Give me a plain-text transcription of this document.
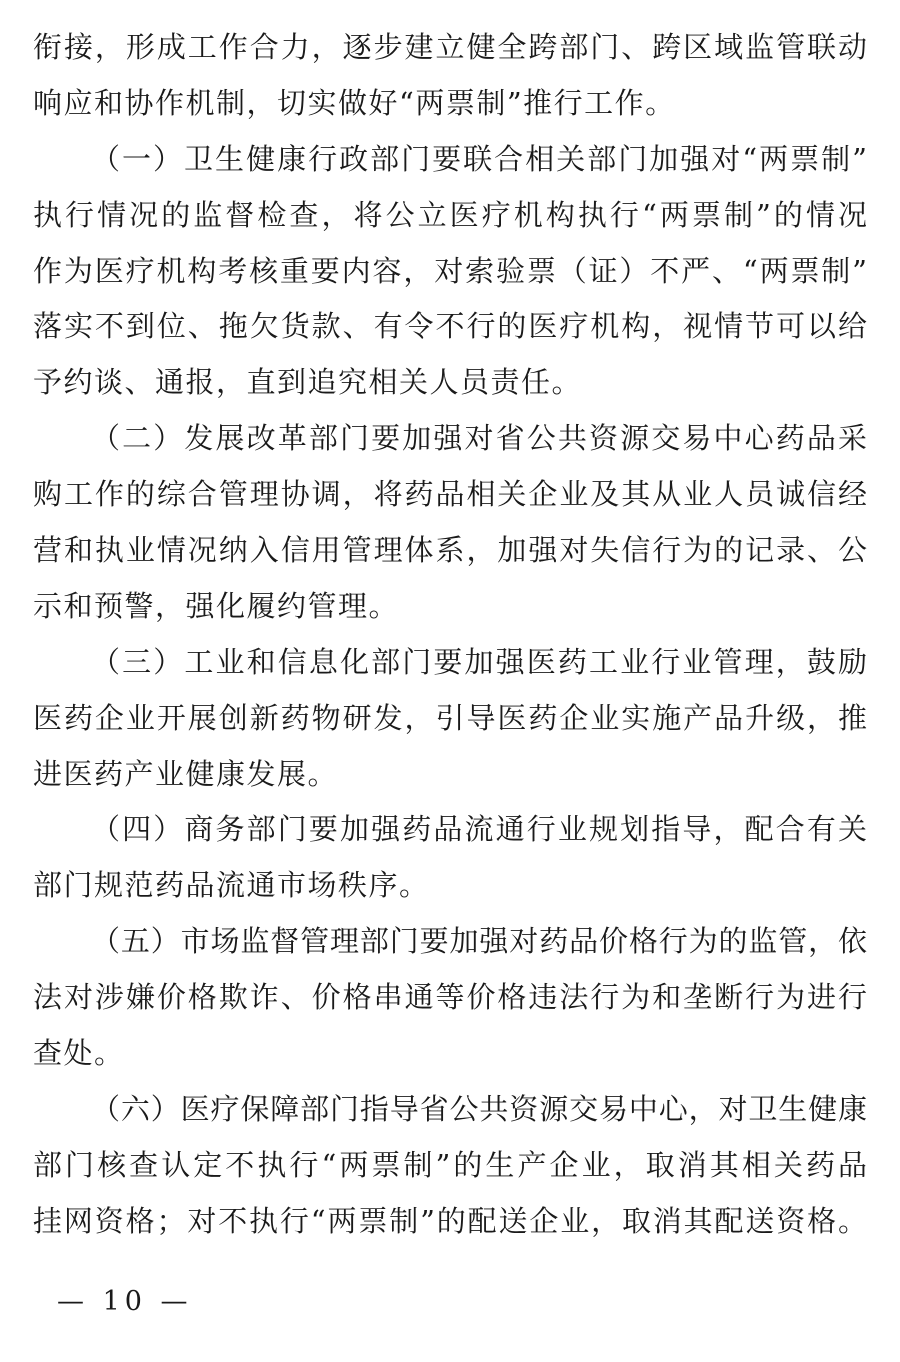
衔接，形成工作合力，逐步建立健全跨部门、跨区域监管联动
响应和协作机制，切实做好“两票制”推行工作。
（一）卫生健康行政部门要联合相关部门加强对“两票制”
执行情况的监督检查，将公立医疗机构执行“两票制”的情况
作为医疗机构考核重要内容，对索验票（证）不严、“两票制”
落实不到位、拖欠货款、有令不行的医疗机构，视情节可以给
予约谈、通报，直到追究相关人员责任。
（二）发展改革部门要加强对省公共资源交易中心药品采
购工作的综合管理协调，将药品相关企业及其从业人员诚信经
营和执业情况纳入信用管理体系，加强对失信行为的记录、公
示和预警，强化履约管理。
（三）工业和信息化部门要加强医药工业行业管理，鼓励
医药企业开展创新药物研发，引导医药企业实施产品升级，推
进医药产业健康发展。
（四）商务部门要加强药品流通行业规划指导，配合有关
部门规范药品流通市场秩序。
（五）市场监督管理部门要加强对药品价格行为的监管，依
法对涉嫌价格欺诈、价格串通等价格违法行为和垄断行为进行
查处。
（六）医疗保障部门指导省公共资源交易中心，对卫生健康
部门核查认定不执行“两票制”的生产企业，取消其相关药品
挂网资格；对不执行“两票制”的配送企业，取消其配送资格。
— 10 —
